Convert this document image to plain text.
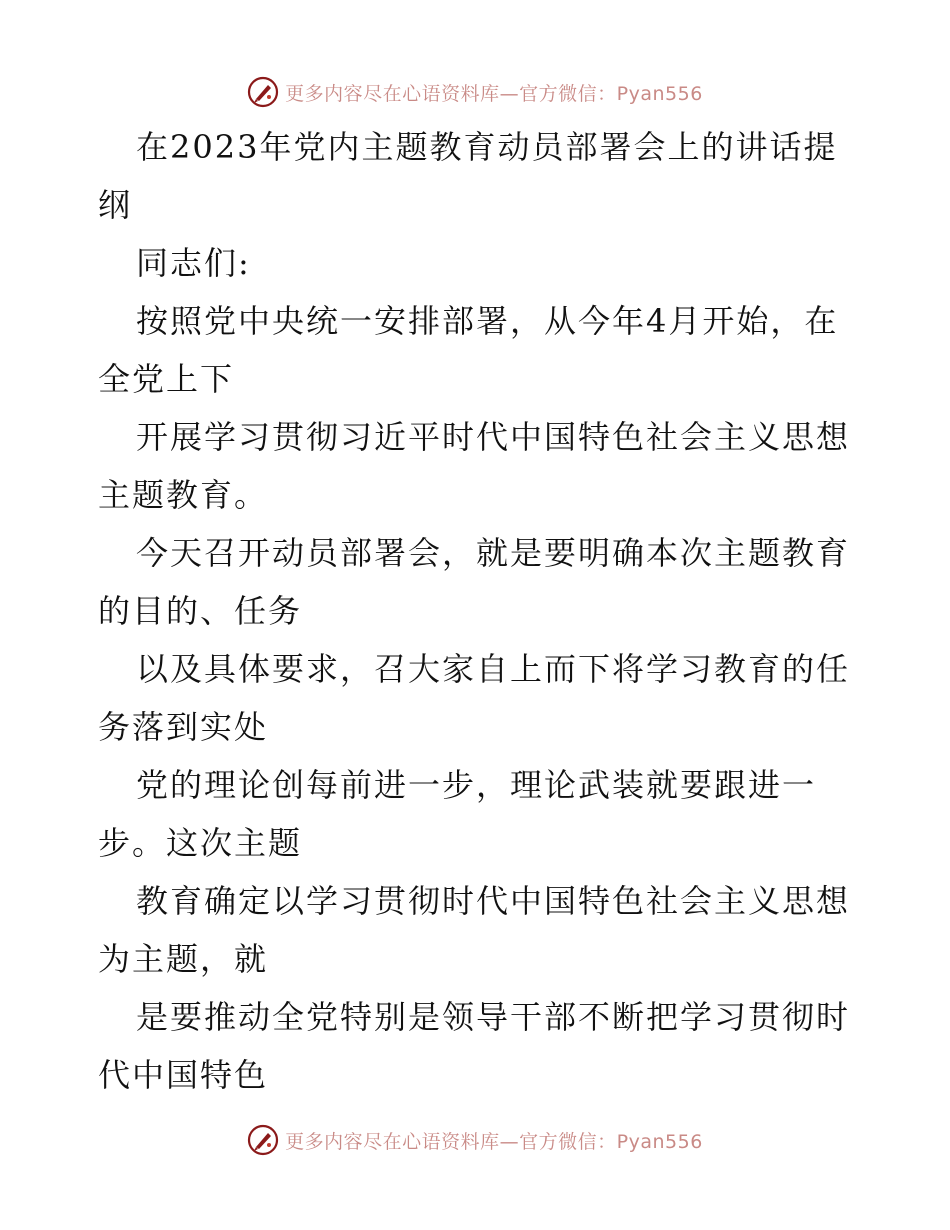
更多内容尽在心语资料库—官方微信：Pyan556
在2023年党内主题教育动员部署会上的讲话提
纲
同志们:
按照党中央统一安排部署，从今年4月开始，在
全党上下
开展学习贯彻习近平时代中国特色社会主义思想
主题教育。
今天召开动员部署会，就是要明确本次主题教育
的目的、任务
以及具体要求，召大家自上而下将学习教育的任
务落到实处
党的理论创每前进一步，理论武装就要跟进一
步。这次主题
教育确定以学习贯彻时代中国特色社会主义思想
为主题，就
是要推动全党特别是领导干部不断把学习贯彻时
代中国特色
更多内容尽在心语资料库—官方微信：Pyan556
